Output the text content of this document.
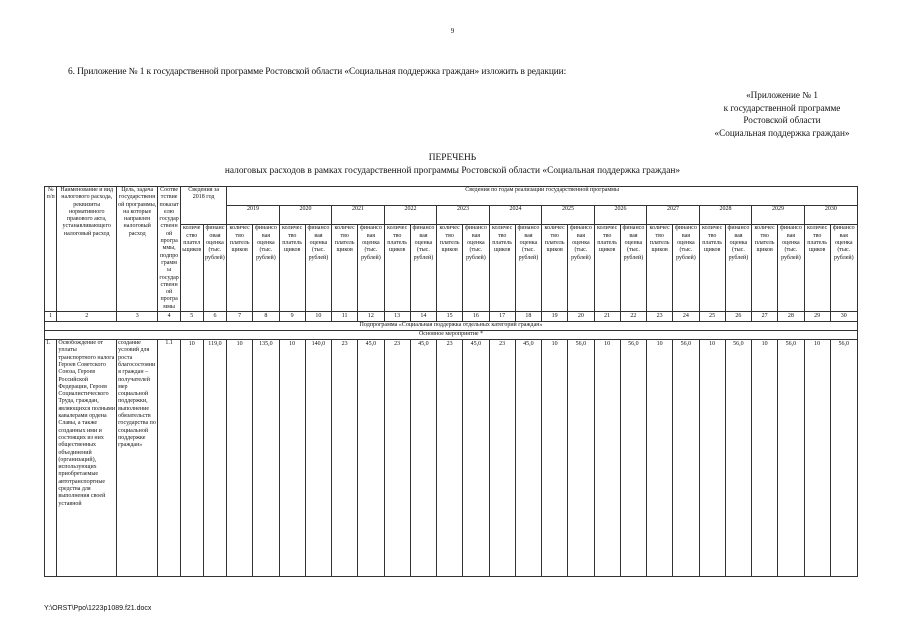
9
6. Приложение № 1 к государственной программе Ростовской области «Социальная поддержка граждан» изложить в редакции:
«Приложение № 1
к государственной программе
Ростовской области
«Социальная поддержка граждан»
ПЕРЕЧЕНЬ
налоговых расходов в рамках государственной программы Ростовской области «Социальная поддержка граждан»
№ п/п	Наименование и вид налогового расхода, реквизиты нормативного правового акта, устанавливающего налоговый расход	Цель, задача государственной программы, на которые направлен налоговый расход	Соответствие показателю государственной программы, подпрограммы государственной программы	Сведения за 2018 год		Сведения по годам реализации государственной программы																							
						2019		2020		2021		2022		2023		2024		2025		2026		2027		2028		2029		2030	
				количество плательщиков	финансовая оценка (тыс. рублей)	количество плательщиков	финансовая оценка (тыс. рублей)	количество плательщиков	финансовая оценка (тыс. рублей)	количество плательщиков	финансовая оценка (тыс. рублей)	количество плательщиков	финансовая оценка (тыс. рублей)	количество плательщиков	финансовая оценка (тыс. рублей)	количество плательщиков	финансовая оценка (тыс. рублей)	количество плательщиков	финансовая оценка (тыс. рублей)	количество плательщиков	финансовая оценка (тыс. рублей)	количество плательщиков	финансовая оценка (тыс. рублей)	количество плательщиков	финансовая оценка (тыс. рублей)	количество плательщиков	финансовая оценка (тыс. рублей)	количество плательщиков	финансовая оценка (тыс. рублей)
1	2	3	4	5	6	7	8	9	10	11	12	13	14	15	16	17	18	19	20	21	22	23	24	25	26	27	28	29	30
Подпрограмма «Социальная поддержка отдельных категорий граждан»																													
Основное мероприятие *																													
1.	Освобождение от уплаты транспортного налога Героев Советского Союза, Героев Российской Федерации, Героев Социалистического Труда, граждан, являющихся полными кавалерами ордена Славы, а также созданных ими и состоящих из них общественных объединений (организаций), использующих приобретаемые автотранспортные средства для выполнения своей уставной	создание условий для роста благосостояния граждан – получателей мер социальной поддержки, выполнение обязательств государства по социальной поддержке граждан»	1.1	10	119,0	10	135,0	10	140,0	23	45,0	23	45,0	23	45,0	23	45,0	10	56,0	10	56,0	10	56,0	10	56,0	10	56,0	10	56,0
Y:\ORST\Ppo\1223p1089.f21.docx
